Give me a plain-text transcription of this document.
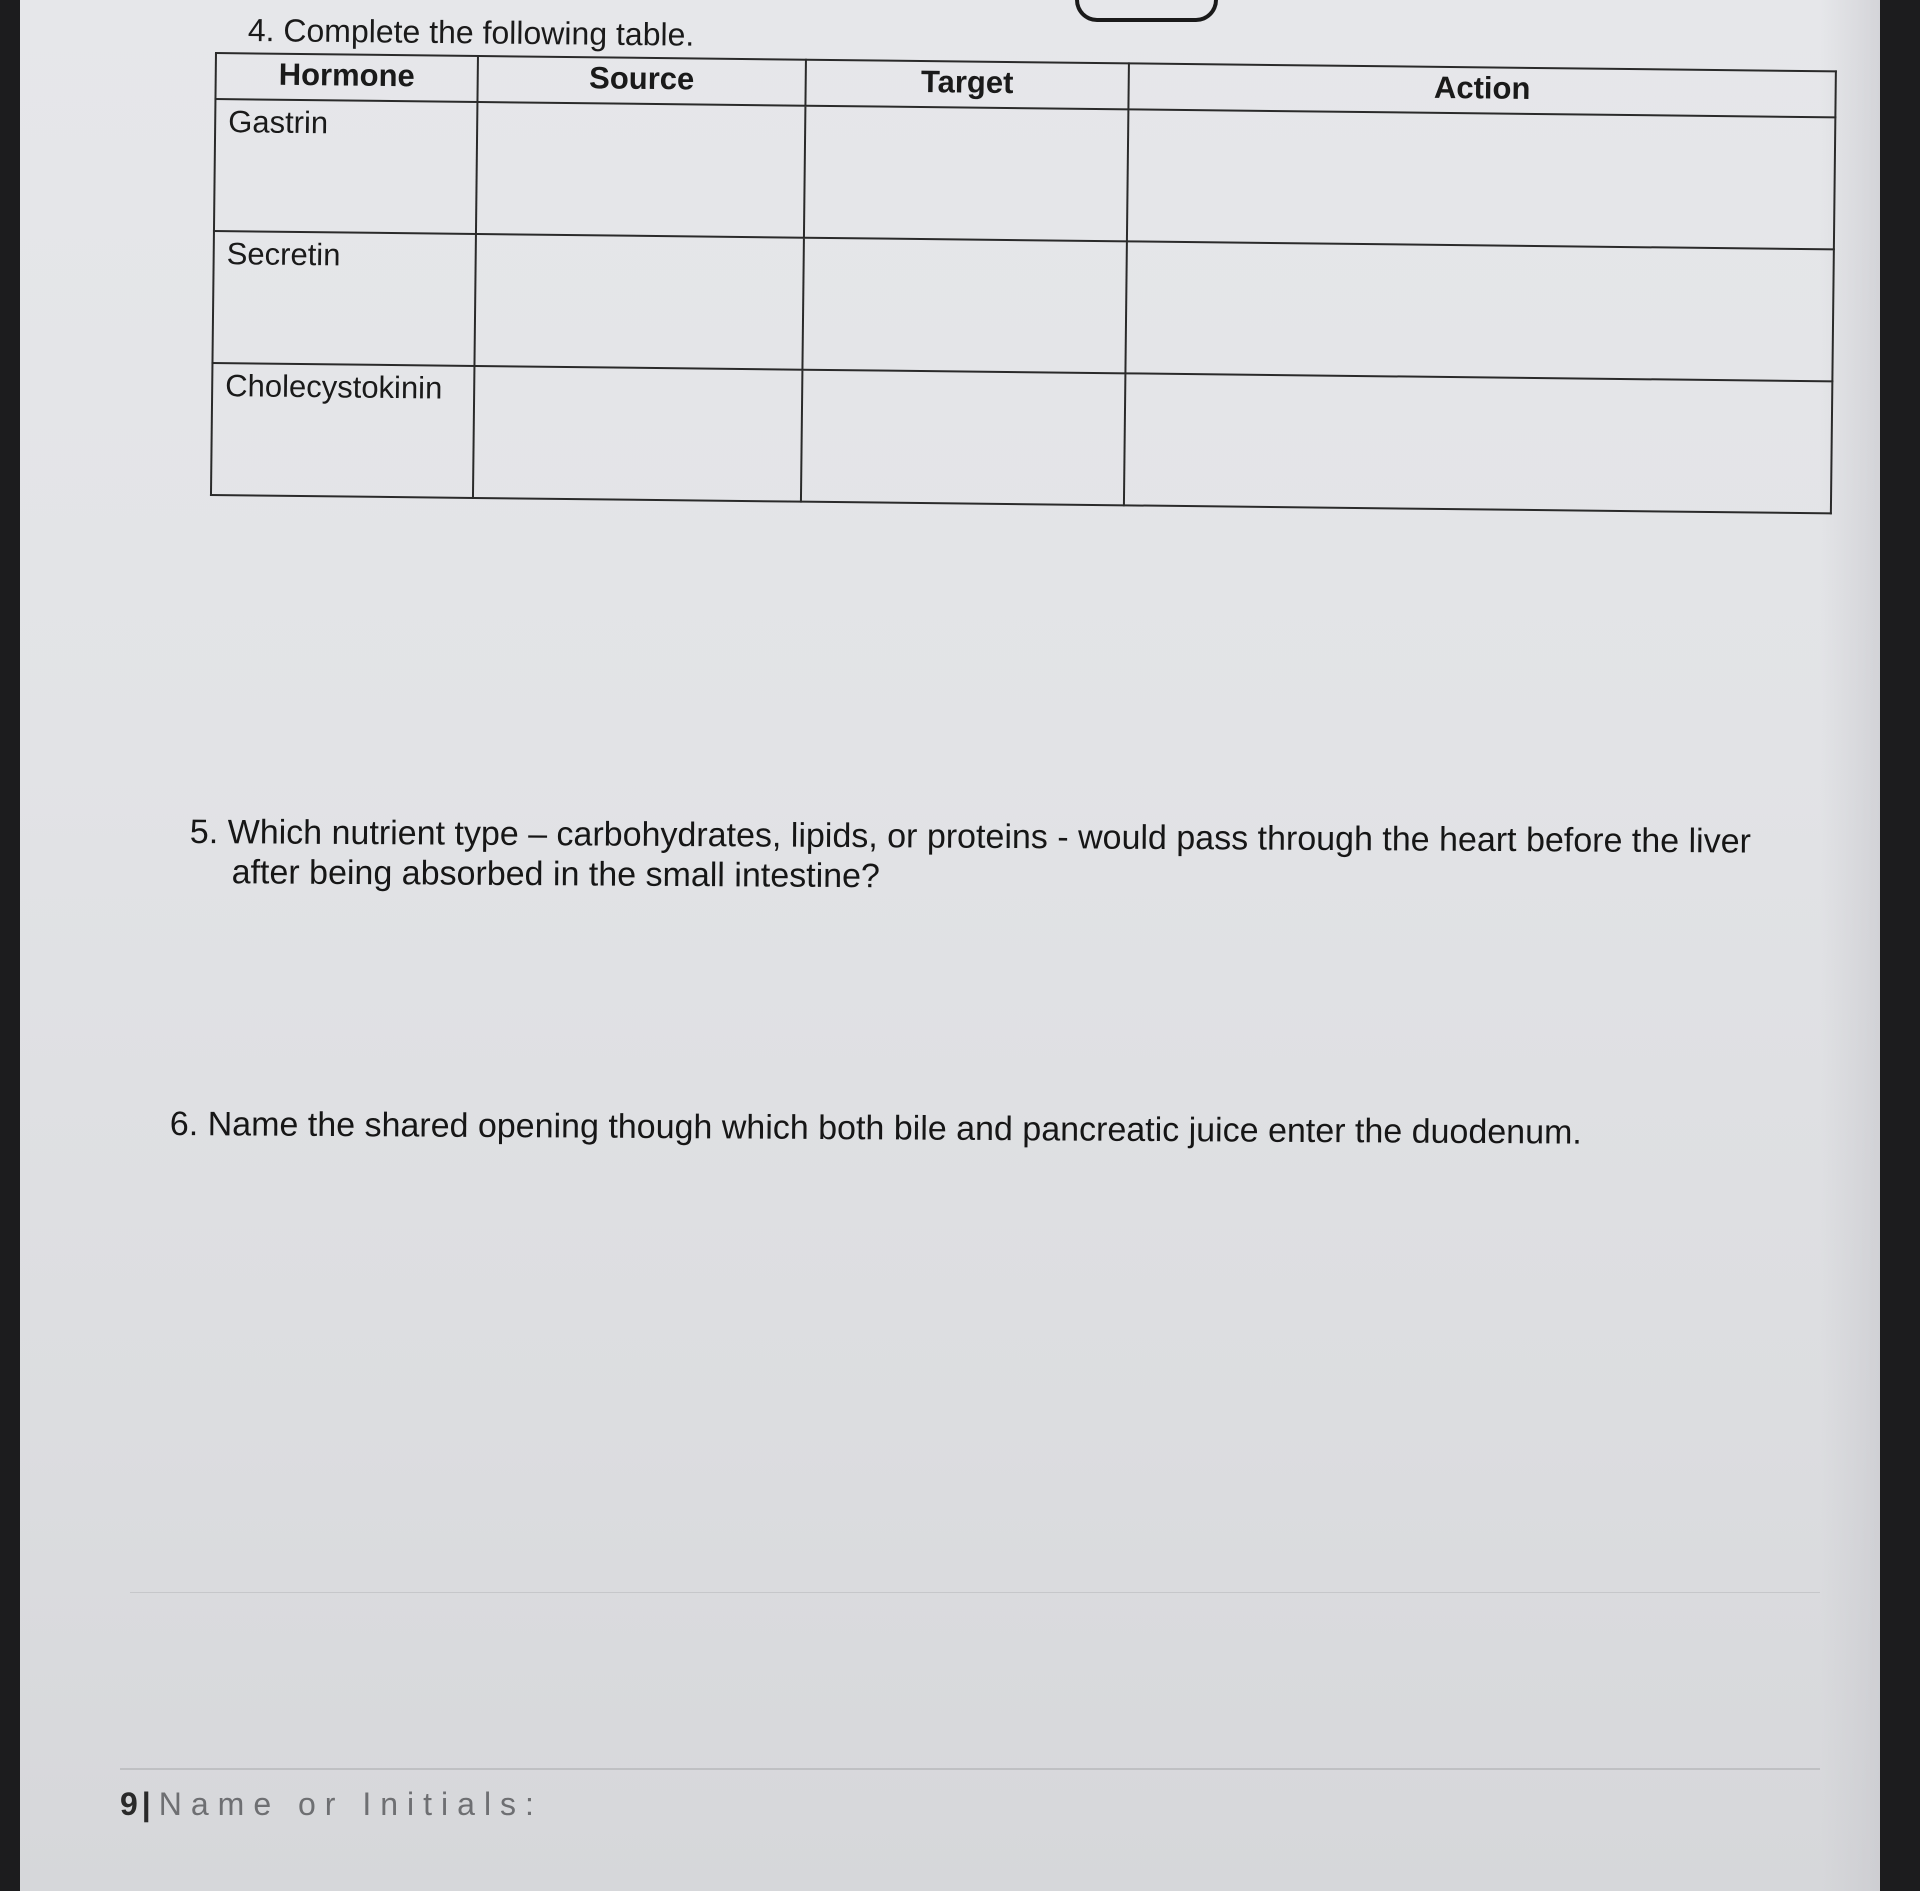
4. Complete the following table.
Hormone	Source	Target	Action
Gastrin			
Secretin			
Cholecystokinin			

5. Which nutrient type – carbohydrates, lipids, or proteins - would pass through the heart before the liver after being absorbed in the small intestine?

6. Name the shared opening though which both bile and pancreatic juice enter the duodenum.

9 | Name or Initials:
